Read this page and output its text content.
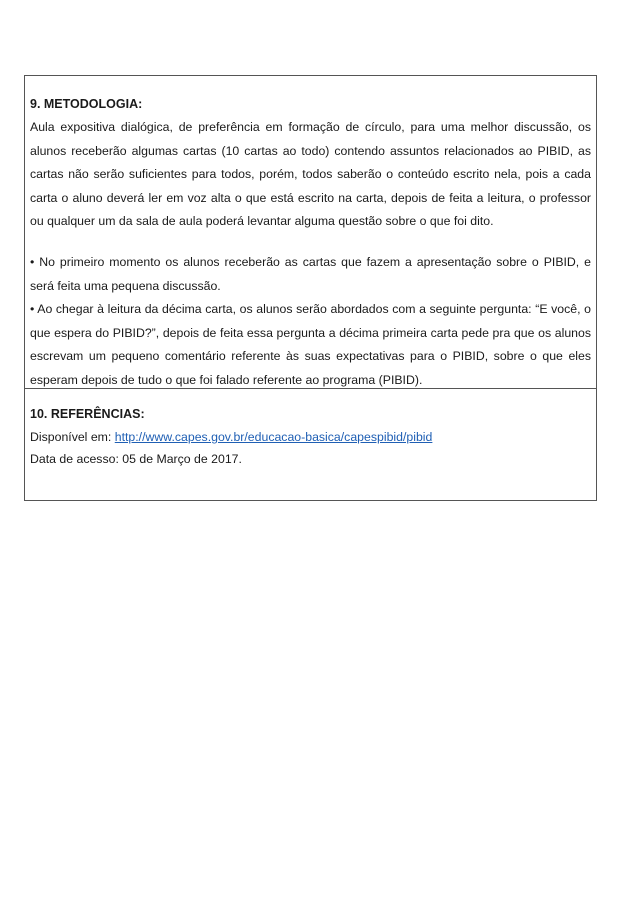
9. METODOLOGIA:

Aula expositiva dialógica, de preferência em formação de círculo, para uma melhor discussão, os alunos receberão algumas cartas (10 cartas ao todo) contendo assuntos relacionados ao PIBID, as cartas não serão suficientes para todos, porém, todos saberão o conteúdo escrito nela, pois a cada carta o aluno deverá ler em voz alta o que está escrito na carta, depois de feita a leitura, o professor ou qualquer um da sala de aula poderá levantar alguma questão sobre o que foi dito.

• No primeiro momento os alunos receberão as cartas que fazem a apresentação sobre o PIBID, e será feita uma pequena discussão.

• Ao chegar à leitura da décima carta, os alunos serão abordados com a seguinte pergunta: “E você, o que espera do PIBID?”, depois de feita essa pergunta a décima primeira carta pede pra que os alunos escrevam um pequeno comentário referente às suas expectativas para o PIBID, sobre o que eles esperam depois de tudo o que foi falado referente ao programa (PIBID).

10. REFERÊNCIAS:

Disponível em: http://www.capes.gov.br/educacao-basica/capespibid/pibid

Data de acesso: 05 de Março de 2017.
